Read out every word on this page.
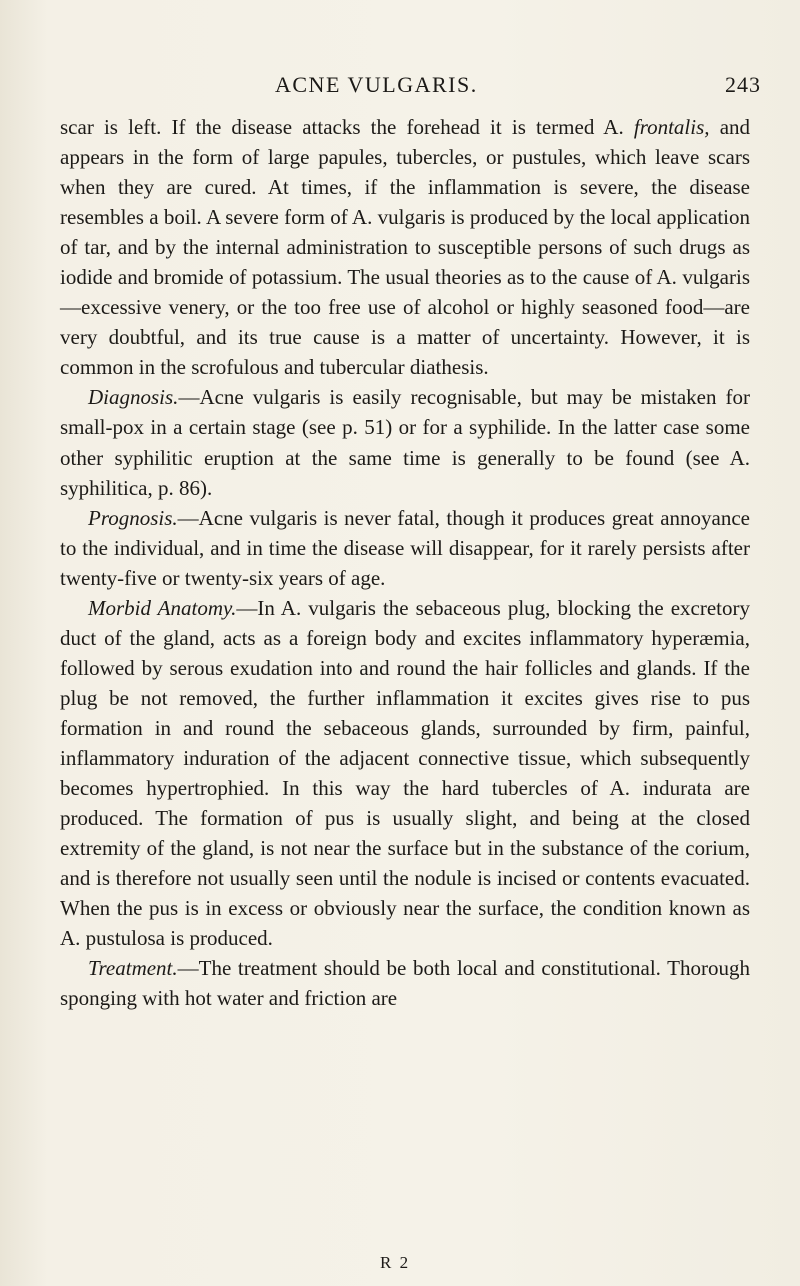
ACNE VULGARIS.	243

scar is left. If the disease attacks the forehead it is termed A. frontalis, and appears in the form of large papules, tubercles, or pustules, which leave scars when they are cured. At times, if the inflammation is severe, the disease resembles a boil. A severe form of A. vulgaris is produced by the local application of tar, and by the internal administration to susceptible persons of such drugs as iodide and bromide of potassium. The usual theories as to the cause of A. vulgaris—excessive venery, or the too free use of alcohol or highly seasoned food—are very doubtful, and its true cause is a matter of uncertainty. However, it is common in the scrofulous and tubercular diathesis.

Diagnosis.—Acne vulgaris is easily recognisable, but may be mistaken for small-pox in a certain stage (see p. 51) or for a syphilide. In the latter case some other syphilitic eruption at the same time is generally to be found (see A. syphilitica, p. 86).

Prognosis.—Acne vulgaris is never fatal, though it produces great annoyance to the individual, and in time the disease will disappear, for it rarely persists after twenty-five or twenty-six years of age.

Morbid Anatomy.—In A. vulgaris the sebaceous plug, blocking the excretory duct of the gland, acts as a foreign body and excites inflammatory hyperæmia, followed by serous exudation into and round the hair follicles and glands. If the plug be not removed, the further inflammation it excites gives rise to pus formation in and round the sebaceous glands, surrounded by firm, painful, inflammatory induration of the adjacent connective tissue, which subsequently becomes hypertrophied. In this way the hard tubercles of A. indurata are produced. The formation of pus is usually slight, and being at the closed extremity of the gland, is not near the surface but in the substance of the corium, and is therefore not usually seen until the nodule is incised or contents evacuated. When the pus is in excess or obviously near the surface, the condition known as A. pustulosa is produced.

Treatment.—The treatment should be both local and constitutional. Thorough sponging with hot water and friction are

R 2
